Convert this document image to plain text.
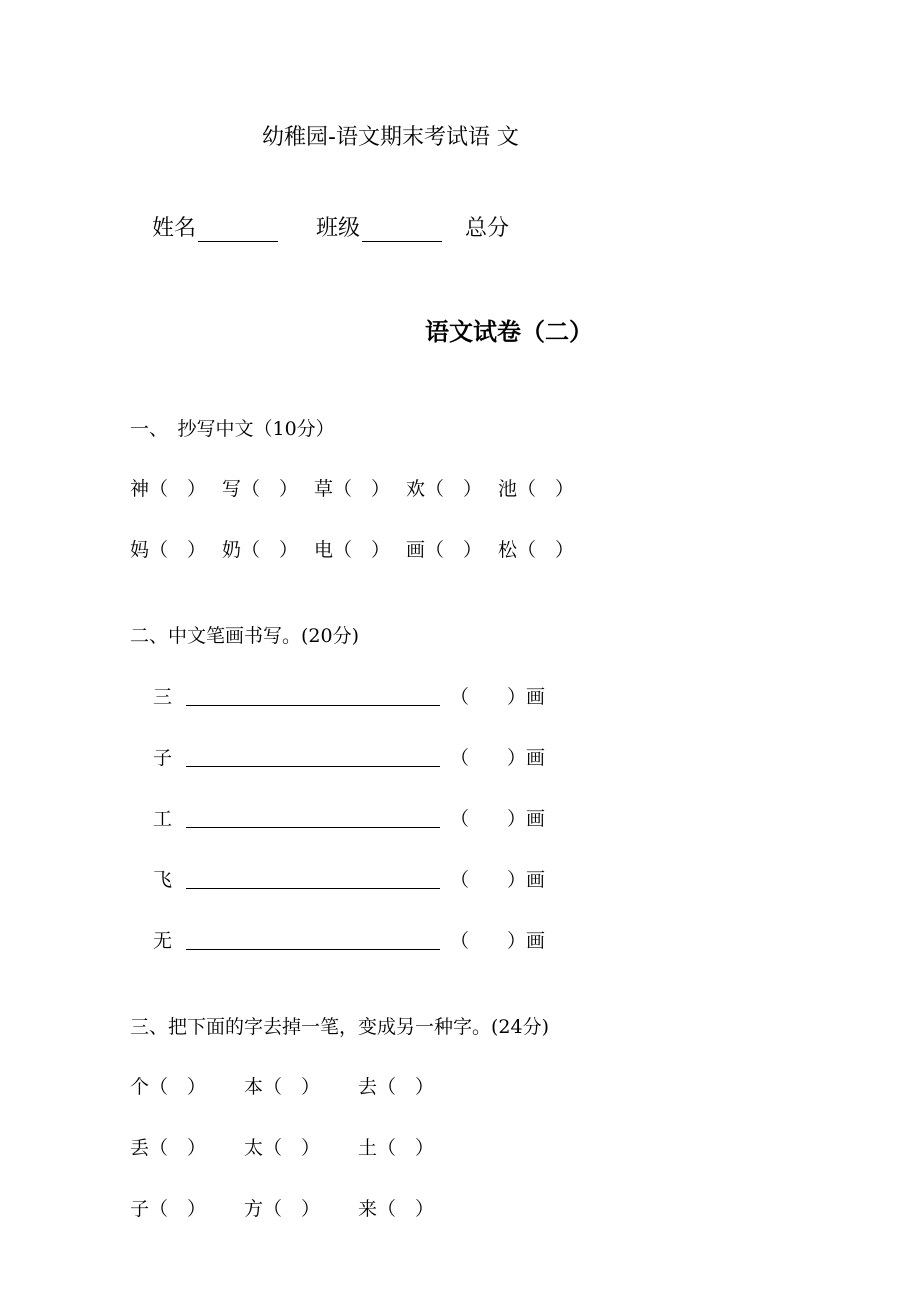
幼稚园-语文期末考试语 文
姓名	班级	总分
语文试卷（二）
一、　抄写中文（10分）
神（　） 写（　） 草（　） 欢（　） 池（　）
妈（　） 奶（　） 电（　） 画（　） 松（　）
二、中文笔画书写。(20分)
三	（　　）画
子	（　　）画
工	（　　）画
飞	（　　）画
无	（　　）画
三、把下面的字去掉一笔，变成另一种字。(24分)
个（　） 本（　） 去（　）
丢（　） 太（　） 土（　）
子（　） 方（　） 来（　）
